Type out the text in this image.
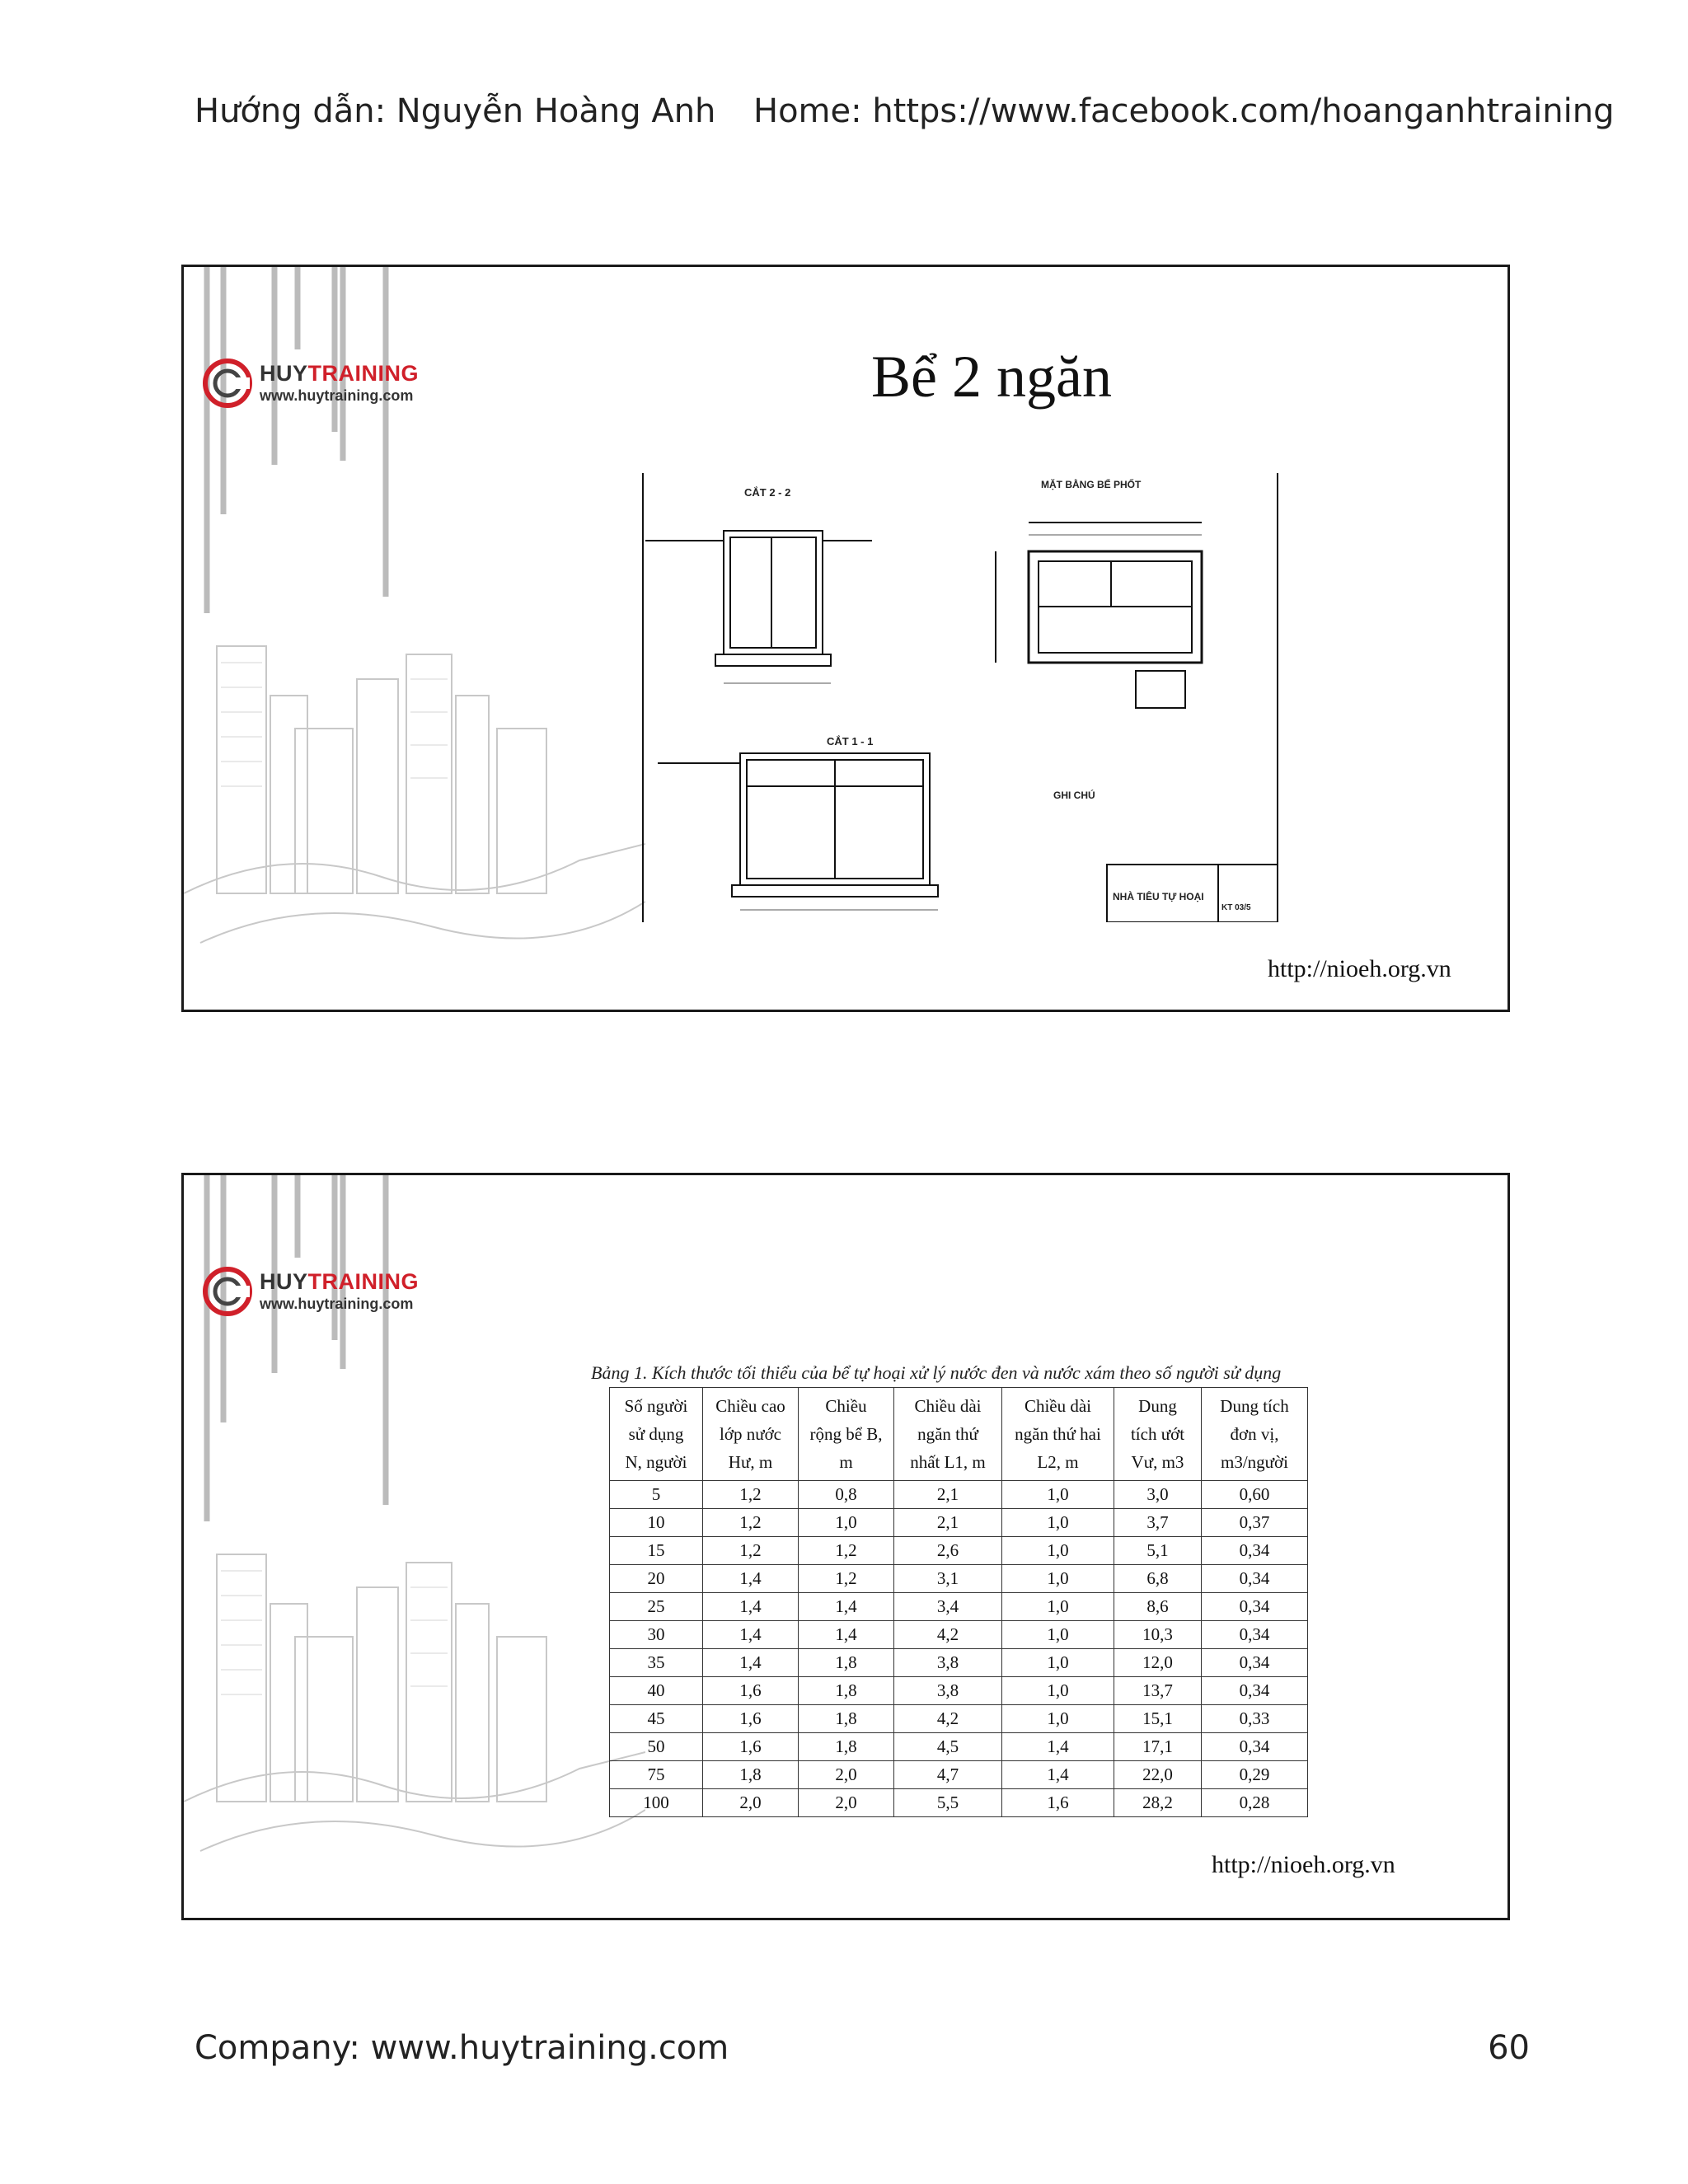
Hướng dẫn: Nguyễn Hoàng Anh Home: https://www.facebook.com/hoanganhtraining
HUYTRAINING
www.huytraining.com	Bể 2 ngăn
CẮT 2 - 2
MẶT BẰNG BỂ PHỐT
CẮT 1 - 1
GHI CHÚ
NHÀ TIÊU TỰ HOẠI
KT 03/5
http://nioeh.org.vn
HUYTRAINING
www.huytraining.com
Bảng 1. Kích thước tối thiểu của bể tự hoại xử lý nước đen và nước xám theo số người sử dụng
Số người
sử dụng
N, người	Chiều cao
lớp nước
Hư, m	Chiều
rộng bể B,
m	Chiều dài
ngăn thứ
nhất L1, m	Chiều dài
ngăn thứ hai
L2, m	Dung
tích ướt
Vư, m3	Dung tích
đơn vị,
m3/người
5	1,2	0,8	2,1	1,0	3,0	0,60
10	1,2	1,0	2,1	1,0	3,7	0,37
15	1,2	1,2	2,6	1,0	5,1	0,34
20	1,4	1,2	3,1	1,0	6,8	0,34
25	1,4	1,4	3,4	1,0	8,6	0,34
30	1,4	1,4	4,2	1,0	10,3	0,34
35	1,4	1,8	3,8	1,0	12,0	0,34
40	1,6	1,8	3,8	1,0	13,7	0,34
45	1,6	1,8	4,2	1,0	15,1	0,33
50	1,6	1,8	4,5	1,4	17,1	0,34
75	1,8	2,0	4,7	1,4	22,0	0,29
100	2,0	2,0	5,5	1,6	28,2	0,28
http://nioeh.org.vn
Company: www.huytraining.com	60
